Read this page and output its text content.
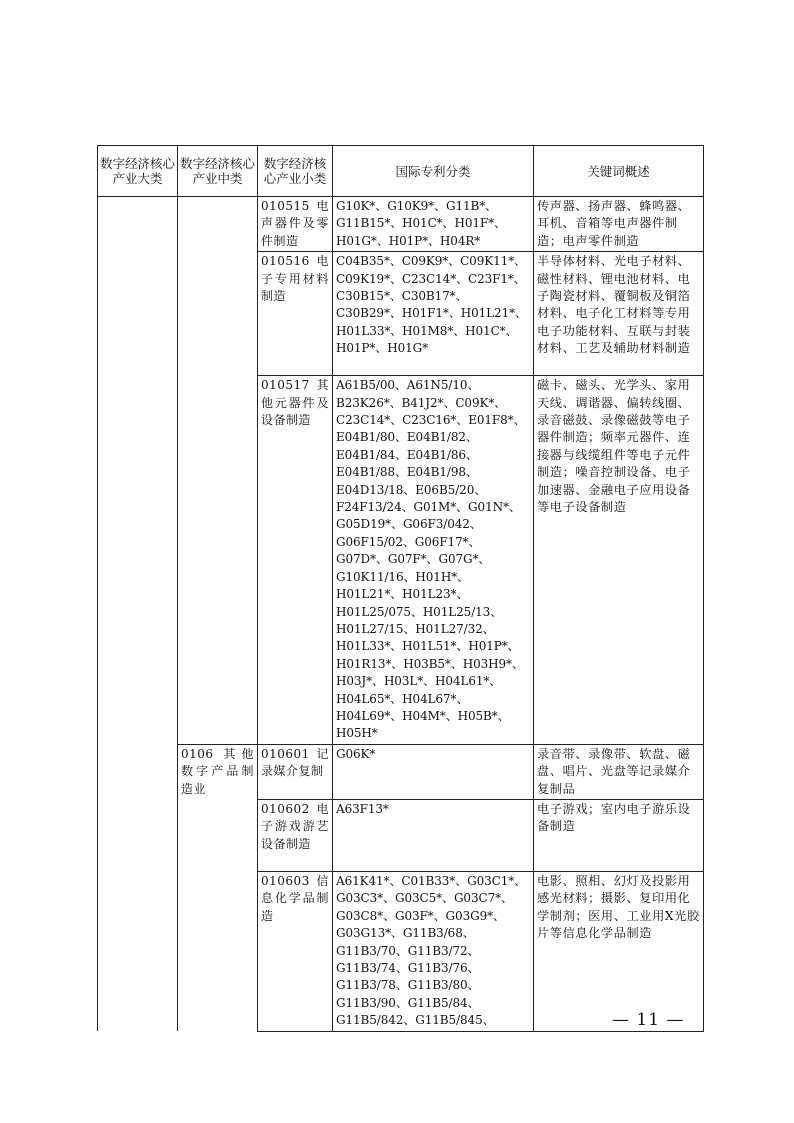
数字经济核心产业大类	数字经济核心产业中类	数字经济核心产业小类	国际专利分类	关键词概述
		010515 电声器件及零件制造	G10K*、G10K9*、G11B*、G11B15*、H01C*、H01F*、H01G*、H01P*、H04R*	传声器、扬声器、蜂鸣器、耳机、音箱等电声器件制造；电声零件制造
		010516 电子专用材料制造	C04B35*、C09K9*、C09K11*、C09K19*、C23C14*、C23F1*、C30B15*、C30B17*、C30B29*、H01F1*、H01L21*、H01L33*、H01M8*、H01C*、H01P*、H01G*	半导体材料、光电子材料、磁性材料、锂电池材料、电子陶瓷材料、覆铜板及铜箔材料、电子化工材料等专用电子功能材料、互联与封装材料、工艺及辅助材料制造
		010517 其他元器件及设备制造	A61B5/00、A61N5/10、B23K26*、B41J2*、C09K*、C23C14*、C23C16*、E01F8*、E04B1/80、E04B1/82、E04B1/84、E04B1/86、E04B1/88、E04B1/98、E04D13/18、E06B5/20、F24F13/24、G01M*、G01N*、G05D19*、G06F3/042、G06F15/02、G06F17*、G07D*、G07F*、G07G*、G10K11/16、H01H*、H01L21*、H01L23*、H01L25/075、H01L25/13、H01L27/15、H01L27/32、H01L33*、H01L51*、H01P*、H01R13*、H03B5*、H03H9*、H03J*、H03L*、H04L61*、H04L65*、H04L67*、H04L69*、H04M*、H05B*、H05H*	磁卡、磁头、光学头、家用天线、调谐器、偏转线圈、录音磁鼓、录像磁鼓等电子器件制造；频率元器件、连接器与线缆组件等电子元件制造；噪音控制设备、电子加速器、金融电子应用设备等电子设备制造
	0106 其他数字产品制造业	010601 记录媒介复制	G06K*	录音带、录像带、软盘、磁盘、唱片、光盘等记录媒介复制品
		010602 电子游戏游艺设备制造	A63F13*	电子游戏；室内电子游乐设备制造
		010603 信息化学品制造	A61K41*、C01B33*、G03C1*、G03C3*、G03C5*、G03C7*、G03C8*、G03F*、G03G9*、G03G13*、G11B3/68、G11B3/70、G11B3/72、G11B3/74、G11B3/76、G11B3/78、G11B3/80、G11B3/90、G11B5/84、G11B5/842、G11B5/845、	电影、照相、幻灯及投影用感光材料；摄影、复印用化学制剂；医用、工业用X光胶片等信息化学品制造
— 11 —
